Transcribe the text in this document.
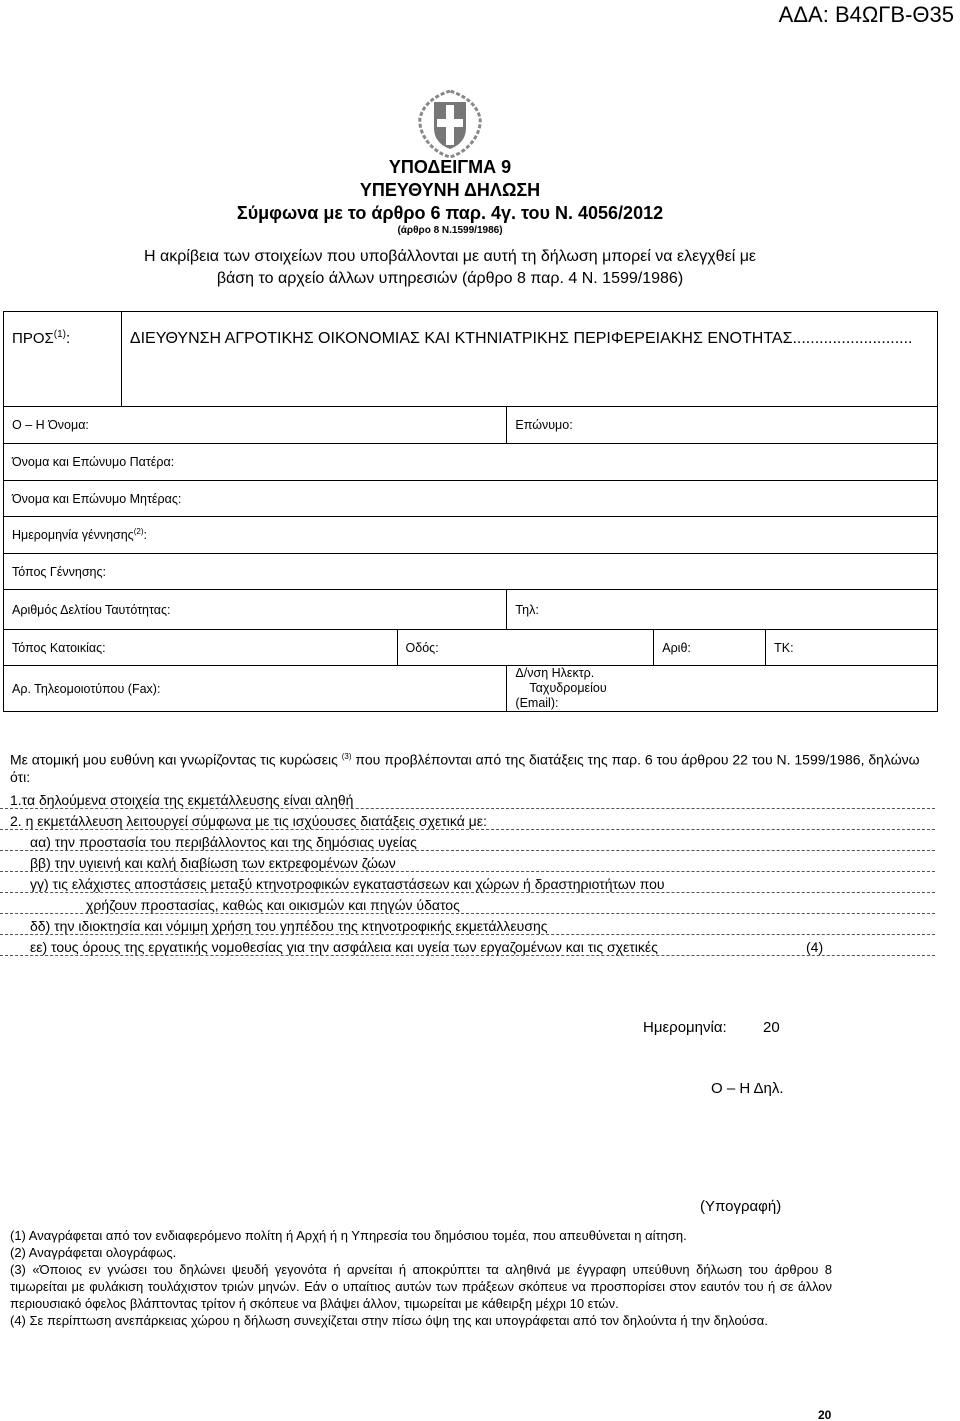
ΑΔΑ: Β4ΩΓΒ-Θ35
ΥΠΟΔΕΙΓΜΑ 9
ΥΠΕΥΘΥΝΗ ΔΗΛΩΣΗ
Σύμφωνα με το άρθρο 6 παρ. 4γ. του Ν. 4056/2012
(άρθρο 8 Ν.1599/1986)
Η ακρίβεια των στοιχείων που υποβάλλονται με αυτή τη δήλωση μπορεί να ελεγχθεί με
βάση το αρχείο άλλων υπηρεσιών (άρθρο 8 παρ. 4 Ν. 1599/1986)
ΠΡΟΣ$^{(1)}$:	ΔΙΕΥΘΥΝΣΗ ΑΓΡΟΤΙΚΗΣ ΟΙΚΟΝΟΜΙΑΣ ΚΑΙ ΚΤΗΝΙΑΤΡΙΚΗΣ ΠΕΡΙΦΕΡΕΙΑΚΗΣ ΕΝΟΤΗΤΑΣ...........................				
Ο – Η Όνομα:			Επώνυμο:		
Όνομα και Επώνυμο Πατέρα:					
Όνομα και Επώνυμο Μητέρας:					
Ημερομηνία γέννησης$^{(2)}$:					
Τόπος Γέννησης:					
Αριθμός Δελτίου Ταυτότητας:			Τηλ:		
Τόπος Κατοικίας:		Οδός:		Αριθ:	ΤΚ:
Αρ. Τηλεομοιοτύπου (Fax):			Δ/νση Ηλεκτρ.
Ταχυδρομείου
(Email):		
Με ατομική μου ευθύνη και γνωρίζοντας τις κυρώσεις $^{(3)}$ που προβλέπονται από της διατάξεις της παρ. 6 του άρθρου 22 του Ν. 1599/1986, δηλώνω ότι:
1.τα δηλούμενα στοιχεία της εκμετάλλευσης είναι αληθή
2. η εκμετάλλευση λειτουργεί σύμφωνα με τις ισχύουσες διατάξεις σχετικά με:
αα) την προστασία του περιβάλλοντος και της δημόσιας υγείας
ββ) την υγιεινή και καλή διαβίωση των εκτρεφομένων ζώων
γγ) τις ελάχιστες αποστάσεις μεταξύ κτηνοτροφικών εγκαταστάσεων και χώρων ή δραστηριοτήτων που
χρήζουν προστασίας, καθώς και οικισμών και πηγών ύδατος
δδ) την ιδιοκτησία και νόμιμη χρήση του γηπέδου της κτηνοτροφικής εκμετάλλευσης
εε) τους όρους της εργατικής νομοθεσίας για την ασφάλεια και υγεία των εργαζομένων και τις σχετικές	(4)
Ημερομηνία: 20
Ο – Η Δηλ.
(Υπογραφή)

(1) Αναγράφεται από τον ενδιαφερόμενο πολίτη ή Αρχή ή η Υπηρεσία του δημόσιου τομέα, που απευθύνεται η αίτηση.

(2) Αναγράφεται ολογράφως.

(3) «Όποιος εν γνώσει του δηλώνει ψευδή γεγονότα ή αρνείται ή αποκρύπτει τα αληθινά με έγγραφη υπεύθυνη δήλωση του άρθρου 8 τιμωρείται με φυλάκιση τουλάχιστον τριών μηνών. Εάν ο υπαίτιος αυτών των πράξεων σκόπευε να προσπορίσει στον εαυτόν του ή σε άλλον περιουσιακό όφελος βλάπτοντας τρίτον ή σκόπευε να βλάψει άλλον, τιμωρείται με κάθειρξη μέχρι 10 ετών.

(4) Σε περίπτωση ανεπάρκειας χώρου η δήλωση συνεχίζεται στην πίσω όψη της και υπογράφεται από τον δηλούντα ή την δηλούσα.

20
